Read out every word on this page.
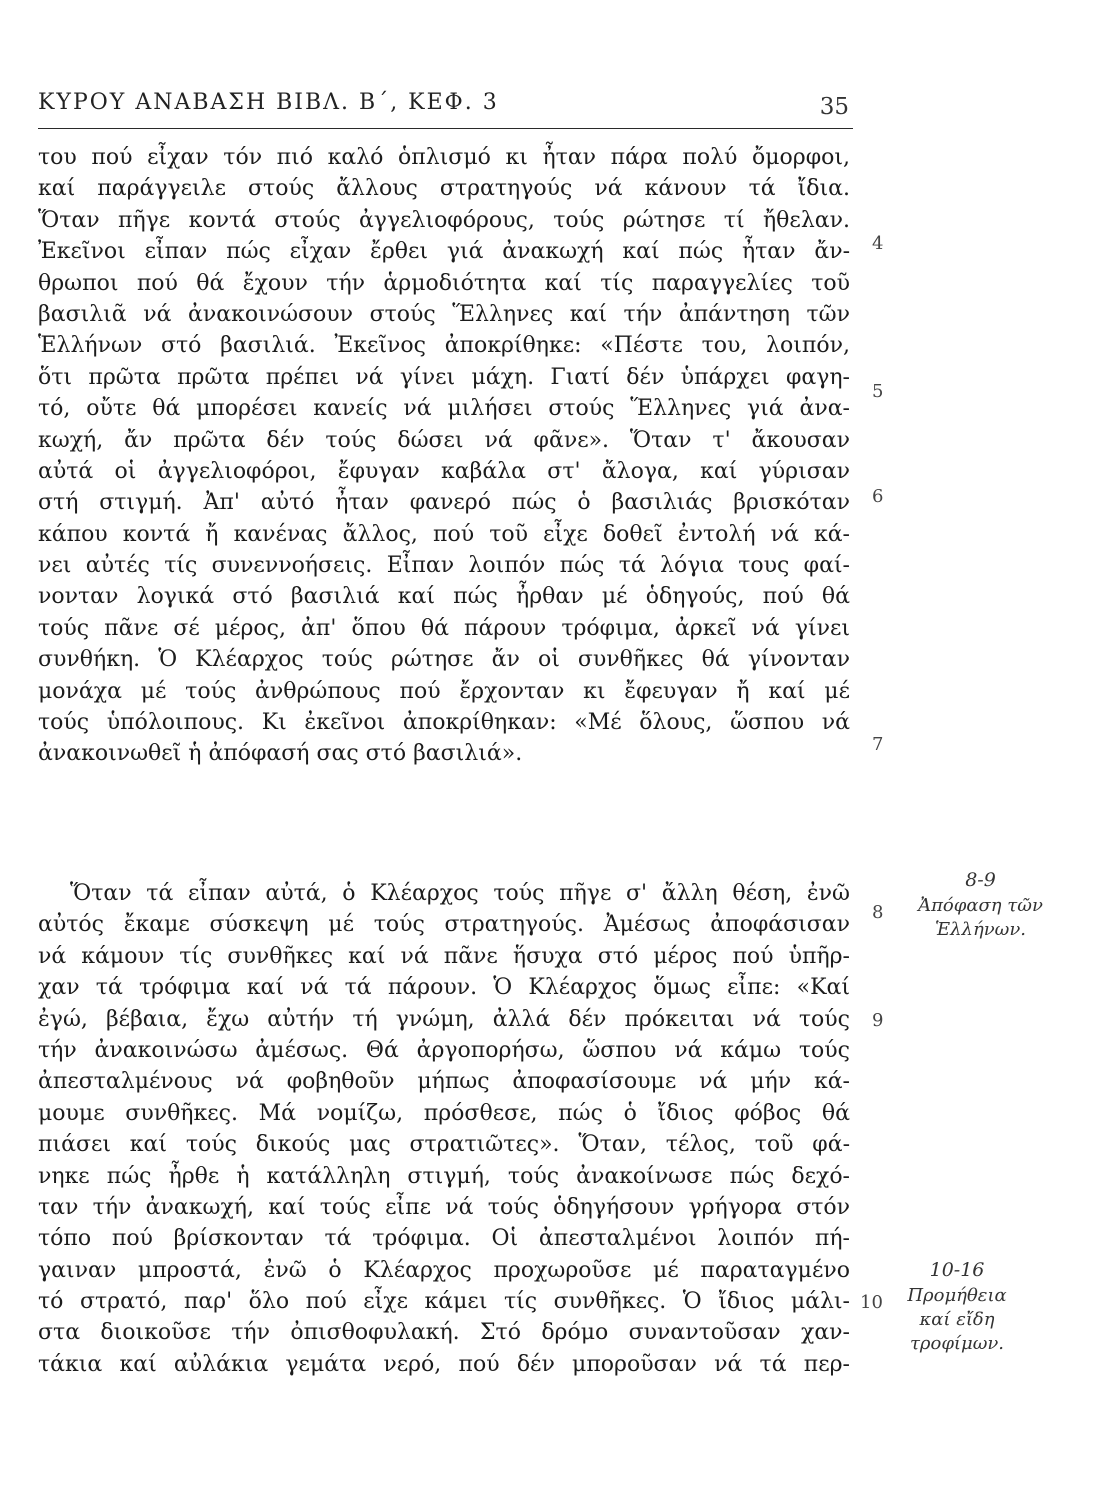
ΚΥΡΟΥ ΑΝΑΒΑΣΗ ΒΙΒΛ. Β΄, ΚΕΦ. 3	35
του πού εἶχαν τόν πιό καλό ὁπλισμό κι ἦταν πάρα πολύ ὄμορφοι,
καί παράγγειλε στούς ἄλλους στρατηγούς νά κάνουν τά ἴδια.
Ὅταν πῆγε κοντά στούς ἀγγελιοφόρους, τούς ρώτησε τί ἤθελαν.
Ἐκεῖνοι εἶπαν πώς εἶχαν ἔρθει γιά ἀνακωχή καί πώς ἦταν ἄν-
θρωποι πού θά ἔχουν τήν ἁρμοδιότητα καί τίς παραγγελίες τοῦ
βασιλιᾶ νά ἀνακοινώσουν στούς Ἕλληνες καί τήν ἀπάντηση τῶν
Ἑλλήνων στό βασιλιά. Ἐκεῖνος ἀποκρίθηκε: «Πέστε του, λοιπόν,
ὅτι πρῶτα πρῶτα πρέπει νά γίνει μάχη. Γιατί δέν ὑπάρχει φαγη-
τό, οὔτε θά μπορέσει κανείς νά μιλήσει στούς Ἕλληνες γιά ἀνα-
κωχή, ἄν πρῶτα δέν τούς δώσει νά φᾶνε». Ὅταν τ' ἄκουσαν
αὐτά οἱ ἀγγελιοφόροι, ἔφυγαν καβάλα στ' ἄλογα, καί γύρισαν
στή στιγμή. Ἀπ' αὐτό ἦταν φανερό πώς ὁ βασιλιάς βρισκόταν
κάπου κοντά ἤ κανένας ἄλλος, πού τοῦ εἶχε δοθεῖ ἐντολή νά κά-
νει αὐτές τίς συνεννοήσεις. Εἶπαν λοιπόν πώς τά λόγια τους φαί-
νονταν λογικά στό βασιλιά καί πώς ἦρθαν μέ ὁδηγούς, πού θά
τούς πᾶνε σέ μέρος, ἀπ' ὅπου θά πάρουν τρόφιμα, ἀρκεῖ νά γίνει
συνθήκη. Ὁ Κλέαρχος τούς ρώτησε ἄν οἱ συνθῆκες θά γίνονταν
μονάχα μέ τούς ἀνθρώπους πού ἔρχονταν κι ἔφευγαν ἤ καί μέ
τούς ὑπόλοιπους. Κι ἐκεῖνοι ἀποκρίθηκαν: «Μέ ὅλους, ὥσπου νά
ἀνακοινωθεῖ ἡ ἀπόφασή σας στό βασιλιά».
Ὅταν τά εἶπαν αὐτά, ὁ Κλέαρχος τούς πῆγε σ' ἄλλη θέση, ἐνῶ
αὐτός ἔκαμε σύσκεψη μέ τούς στρατηγούς. Ἀμέσως ἀποφάσισαν
νά κάμουν τίς συνθῆκες καί νά πᾶνε ἥσυχα στό μέρος πού ὑπῆρ-
χαν τά τρόφιμα καί νά τά πάρουν. Ὁ Κλέαρχος ὅμως εἶπε: «Καί
ἐγώ, βέβαια, ἔχω αὐτήν τή γνώμη, ἀλλά δέν πρόκειται νά τούς
τήν ἀνακοινώσω ἀμέσως. Θά ἀργοπορήσω, ὥσπου νά κάμω τούς
ἀπεσταλμένους νά φοβηθοῦν μήπως ἀποφασίσουμε νά μήν κά-
μουμε συνθῆκες. Μά νομίζω, πρόσθεσε, πώς ὁ ἴδιος φόβος θά
πιάσει καί τούς δικούς μας στρατιῶτες». Ὅταν, τέλος, τοῦ φά-
νηκε πώς ἦρθε ἡ κατάλληλη στιγμή, τούς ἀνακοίνωσε πώς δεχό-
ταν τήν ἀνακωχή, καί τούς εἶπε νά τούς ὁδηγήσουν γρήγορα στόν
τόπο πού βρίσκονταν τά τρόφιμα. Οἱ ἀπεσταλμένοι λοιπόν πή-
γαιναν μπροστά, ἐνῶ ὁ Κλέαρχος προχωροῦσε μέ παραταγμένο
τό στρατό, παρ' ὅλο πού εἶχε κάμει τίς συνθῆκες. Ὁ ἴδιος μάλι-
στα διοικοῦσε τήν ὀπισθοφυλακή. Στό δρόμο συναντοῦσαν χαν-
τάκια καί αὐλάκια γεμάτα νερό, πού δέν μποροῦσαν νά τά περ-
4
5
6
7
8
9
10
8-9
Ἀπόφαση τῶν
Ἑλλήνων.
10-16
Προμήθεια
καί εἴδη
τροφίμων.
